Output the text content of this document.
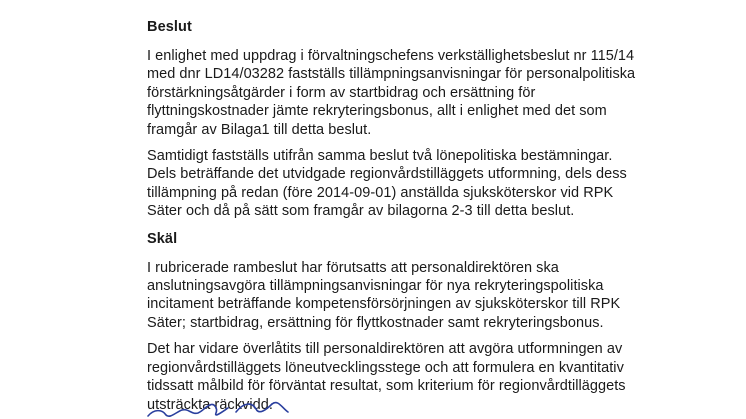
Beslut

I enlighet med uppdrag i förvaltningschefens verkställighetsbeslut nr 115/14
med dnr LD14/03282 fastställs tillämpningsanvisningar för personalpolitiska
förstärkningsåtgärder i form av startbidrag och ersättning för
flyttningskostnader jämte rekryteringsbonus, allt i enlighet med det som
framgår av Bilaga1 till detta beslut.

Samtidigt fastställs utifrån samma beslut två lönepolitiska bestämningar.
Dels beträffande det utvidgade regionvårdstilläggets utformning, dels dess
tillämpning på redan (före 2014-09-01) anställda sjuksköterskor vid RPK
Säter och då på sätt som framgår av bilagorna 2-3 till detta beslut.

Skäl

I rubricerade rambeslut har förutsatts att personaldirektören ska
anslutningsavgöra tillämpningsanvisningar för nya rekryteringspolitiska
incitament beträffande kompetensförsörjningen av sjuksköterskor till RPK
Säter; startbidrag, ersättning för flyttkostnader samt rekryteringsbonus.

Det har vidare överlåtits till personaldirektören att avgöra utformningen av
regionvårdstilläggets löneutvecklingsstege och att formulera en kvantitativ
tidssatt målbild för förväntat resultat, som kriterium för regionvårdtilläggets
utsträckta räckvidd.
